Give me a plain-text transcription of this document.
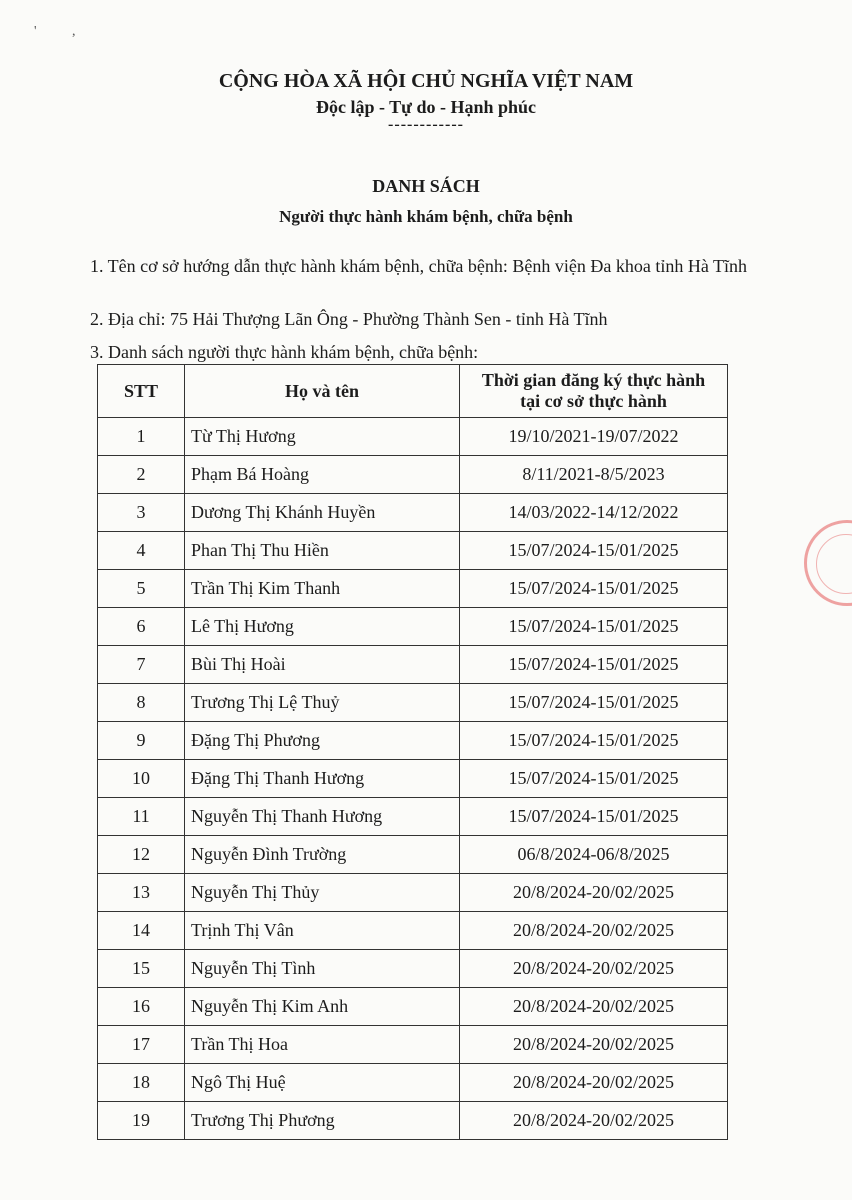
' ,
CỘNG HÒA XÃ HỘI CHỦ NGHĨA VIỆT NAM
Độc lập - Tự do - Hạnh phúc
------------
DANH SÁCH
Người thực hành khám bệnh, chữa bệnh
1. Tên cơ sở hướng dẫn thực hành khám bệnh, chữa bệnh: Bệnh viện Đa khoa tỉnh Hà Tĩnh
2. Địa chỉ: 75 Hải Thượng Lãn Ông - Phường Thành Sen - tỉnh Hà Tĩnh
3. Danh sách người thực hành khám bệnh, chữa bệnh:
STT	Họ và tên	Thời gian đăng ký thực hành
tại cơ sở thực hành
1	Từ Thị Hương	19/10/2021-19/07/2022
2	Phạm Bá Hoàng	8/11/2021-8/5/2023
3	Dương Thị Khánh Huyền	14/03/2022-14/12/2022
4	Phan Thị Thu Hiền	15/07/2024-15/01/2025
5	Trần Thị Kim Thanh	15/07/2024-15/01/2025
6	Lê Thị Hương	15/07/2024-15/01/2025
7	Bùi Thị Hoài	15/07/2024-15/01/2025
8	Trương Thị Lệ Thuỷ	15/07/2024-15/01/2025
9	Đặng Thị Phương	15/07/2024-15/01/2025
10	Đặng Thị Thanh Hương	15/07/2024-15/01/2025
11	Nguyễn Thị Thanh Hương	15/07/2024-15/01/2025
12	Nguyễn Đình Trường	06/8/2024-06/8/2025
13	Nguyễn Thị Thủy	20/8/2024-20/02/2025
14	Trịnh Thị Vân	20/8/2024-20/02/2025
15	Nguyễn Thị Tình	20/8/2024-20/02/2025
16	Nguyễn Thị Kim Anh	20/8/2024-20/02/2025
17	Trần Thị Hoa	20/8/2024-20/02/2025
18	Ngô Thị Huệ	20/8/2024-20/02/2025
19	Trương Thị Phương	20/8/2024-20/02/2025
